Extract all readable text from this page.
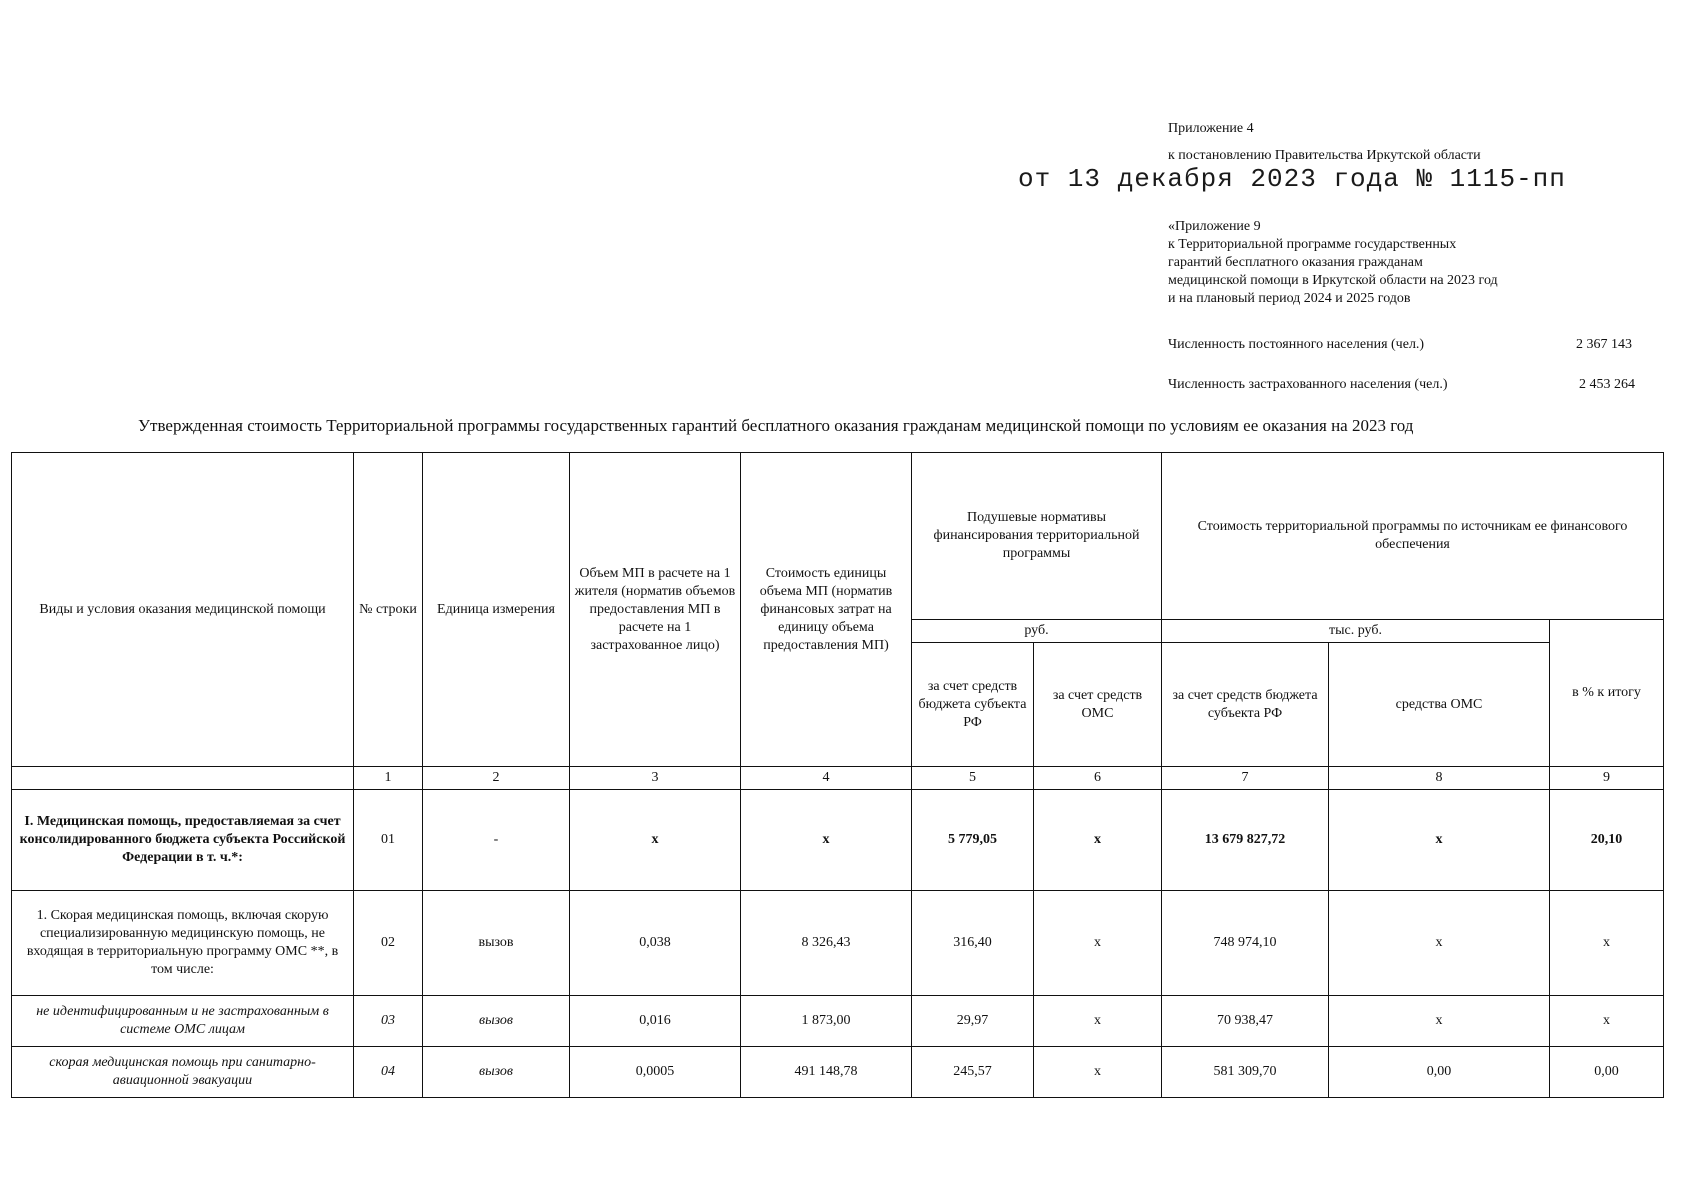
Приложение 4
к постановлению Правительства Иркутской области
от 13 декабря 2023 года № 1115-пп
«Приложение 9
к Территориальной программе государственных
гарантий бесплатного оказания гражданам
медицинской помощи в Иркутской области на 2023 год
и на плановый период 2024 и 2025 годов
Численность постоянного населения (чел.)	2 367 143
Численность застрахованного населения (чел.)	2 453 264
Утвержденная стоимость Территориальной программы государственных гарантий бесплатного оказания гражданам медицинской помощи по условиям ее оказания на 2023 год
Виды и условия оказания медицинской помощи	№ строки	Единица измерения	Объем МП в расчете на 1 жителя (норматив объемов предоставления МП в расчете на 1 застрахованное лицо)	Стоимость единицы объема МП (норматив финансовых затрат на единицу объема предоставления МП)	Подушевые нормативы финансирования территориальной программы		Стоимость территориальной программы по источникам ее финансового обеспечения		
					руб.		тыс. руб.		в % к итогу
					за счет средств бюджета субъекта РФ	за счет средств ОМС	за счет средств бюджета субъекта РФ	средства ОМС	
	1	2	3	4	5	6	7	8	9
I. Медицинская помощь, предоставляемая за счет консолидированного бюджета субъекта Российской Федерации в т. ч.*:	01	-	х	х	5 779,05	х	13 679 827,72	х	20,10
1. Скорая медицинская помощь, включая скорую специализированную медицинскую помощь, не входящая в территориальную программу ОМС **, в том числе:	02	вызов	0,038	8 326,43	316,40	х	748 974,10	х	х
не идентифицированным и не застрахованным в системе ОМС лицам	03	вызов	0,016	1 873,00	29,97	х	70 938,47	х	х
скорая медицинская помощь при санитарно-авиационной эвакуации	04	вызов	0,0005	491 148,78	245,57	х	581 309,70	0,00	0,00
